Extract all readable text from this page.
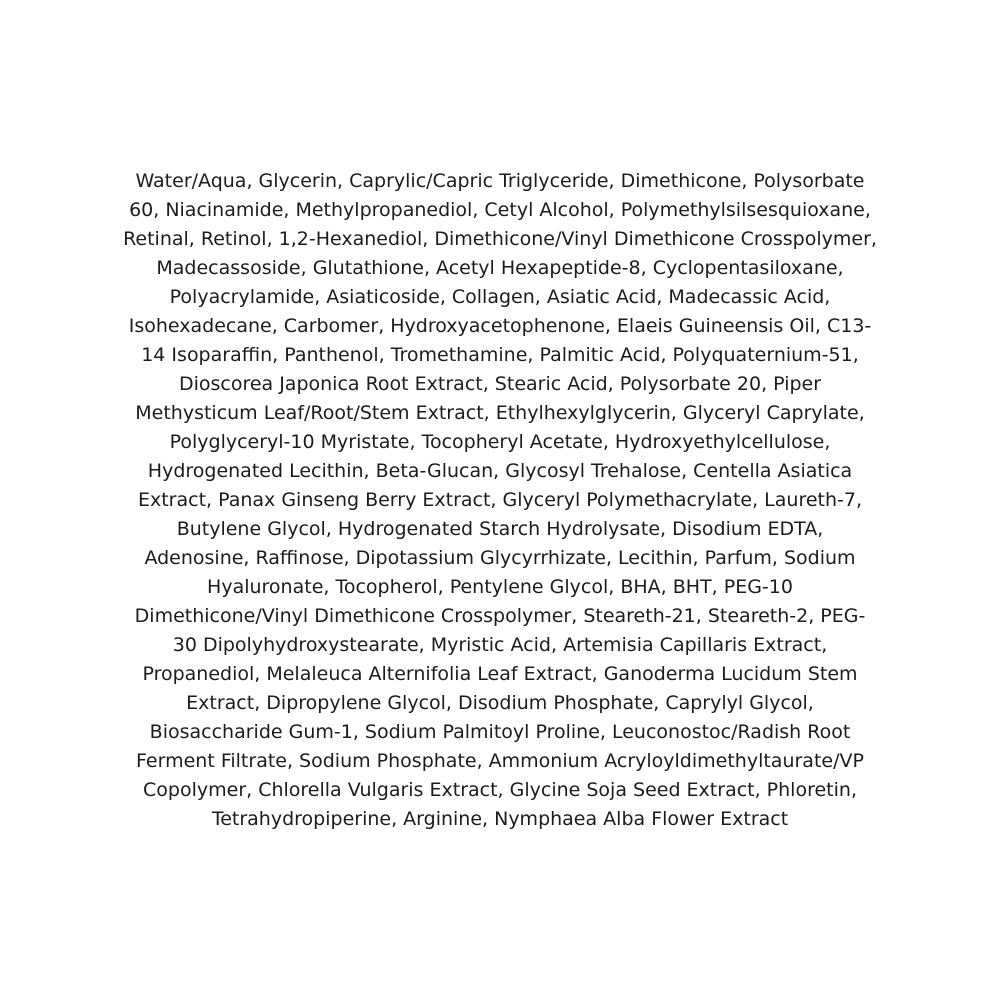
Water/Aqua, Glycerin, Caprylic/Capric Triglyceride, Dimethicone, Polysorbate
60, Niacinamide, Methylpropanediol, Cetyl Alcohol, Polymethylsilsesquioxane,
Retinal, Retinol, 1,2-Hexanediol, Dimethicone/Vinyl Dimethicone Crosspolymer,
Madecassoside, Glutathione, Acetyl Hexapeptide-8, Cyclopentasiloxane,
Polyacrylamide, Asiaticoside, Collagen, Asiatic Acid, Madecassic Acid,
Isohexadecane, Carbomer, Hydroxyacetophenone, Elaeis Guineensis Oil, C13-
14 Isoparaffin, Panthenol, Tromethamine, Palmitic Acid, Polyquaternium-51,
Dioscorea Japonica Root Extract, Stearic Acid, Polysorbate 20, Piper
Methysticum Leaf/Root/Stem Extract, Ethylhexylglycerin, Glyceryl Caprylate,
Polyglyceryl-10 Myristate, Tocopheryl Acetate, Hydroxyethylcellulose,
Hydrogenated Lecithin, Beta-Glucan, Glycosyl Trehalose, Centella Asiatica
Extract, Panax Ginseng Berry Extract, Glyceryl Polymethacrylate, Laureth-7,
Butylene Glycol, Hydrogenated Starch Hydrolysate, Disodium EDTA,
Adenosine, Raffinose, Dipotassium Glycyrrhizate, Lecithin, Parfum, Sodium
Hyaluronate, Tocopherol, Pentylene Glycol, BHA, BHT, PEG-10
Dimethicone/Vinyl Dimethicone Crosspolymer, Steareth-21, Steareth-2, PEG-
30 Dipolyhydroxystearate, Myristic Acid, Artemisia Capillaris Extract,
Propanediol, Melaleuca Alternifolia Leaf Extract, Ganoderma Lucidum Stem
Extract, Dipropylene Glycol, Disodium Phosphate, Caprylyl Glycol,
Biosaccharide Gum-1, Sodium Palmitoyl Proline, Leuconostoc/Radish Root
Ferment Filtrate, Sodium Phosphate, Ammonium Acryloyldimethyltaurate/VP
Copolymer, Chlorella Vulgaris Extract, Glycine Soja Seed Extract, Phloretin,
Tetrahydropiperine, Arginine, Nymphaea Alba Flower Extract
